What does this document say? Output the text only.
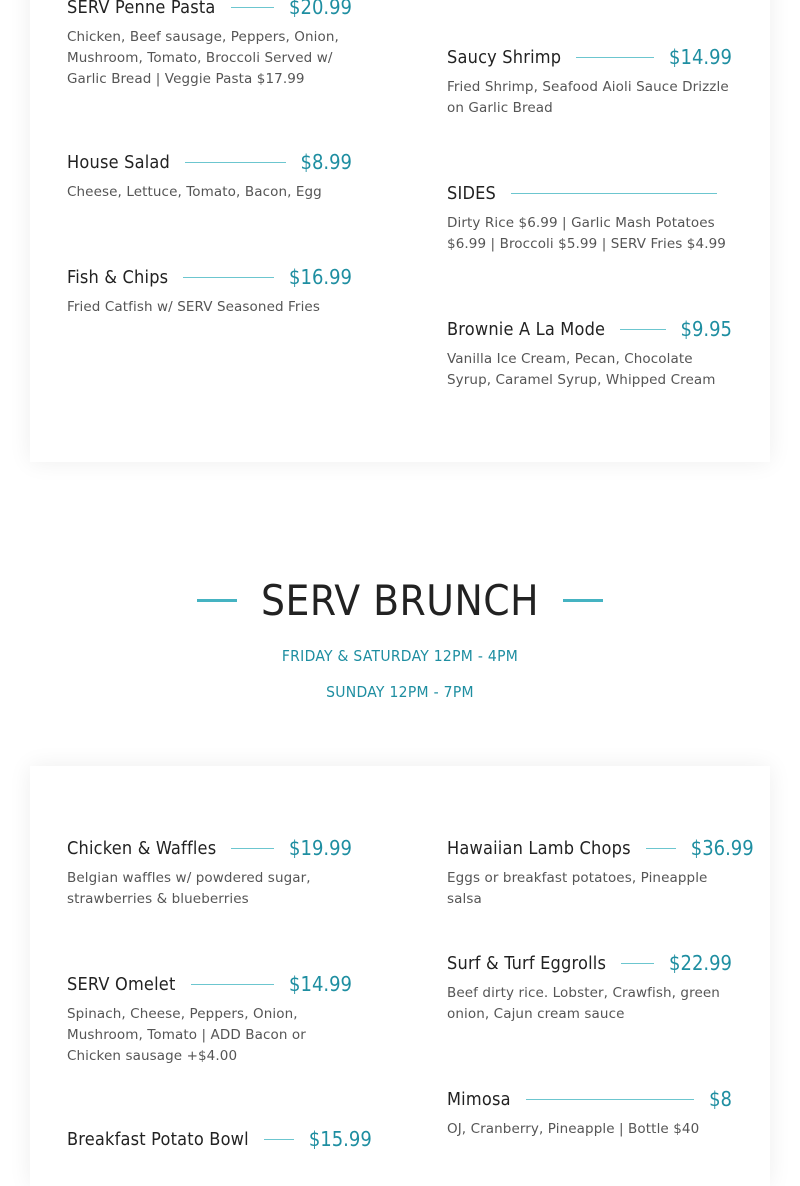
SERV Penne Pasta	$20.99
Chicken, Beef sausage, Peppers, Onion, Mushroom, Tomato, Broccoli Served w/ Garlic Bread | Veggie Pasta $17.99
House Salad	$8.99
Cheese, Lettuce, Tomato, Bacon, Egg
Fish & Chips	$16.99
Fried Catfish w/ SERV Seasoned Fries
Saucy Shrimp	$14.99
Fried Shrimp, Seafood Aioli Sauce Drizzle on Garlic Bread
SIDES
Dirty Rice $6.99 | Garlic Mash Potatoes $6.99 | Broccoli $5.99 | SERV Fries $4.99
Brownie A La Mode	$9.95
Vanilla Ice Cream, Pecan, Chocolate Syrup, Caramel Syrup, Whipped Cream
SERV BRUNCH
FRIDAY & SATURDAY 12PM - 4PM
SUNDAY 12PM - 7PM
Chicken & Waffles	$19.99
Belgian waffles w/ powdered sugar, strawberries & blueberries
SERV Omelet	$14.99
Spinach, Cheese, Peppers, Onion, Mushroom, Tomato | ADD Bacon or Chicken sausage +$4.00
Breakfast Potato Bowl	$15.99
Hawaiian Lamb Chops	$36.99
Eggs or breakfast potatoes, Pineapple salsa
Surf & Turf Eggrolls	$22.99
Beef dirty rice. Lobster, Crawfish, green onion, Cajun cream sauce
Mimosa	$8
OJ, Cranberry, Pineapple | Bottle $40
